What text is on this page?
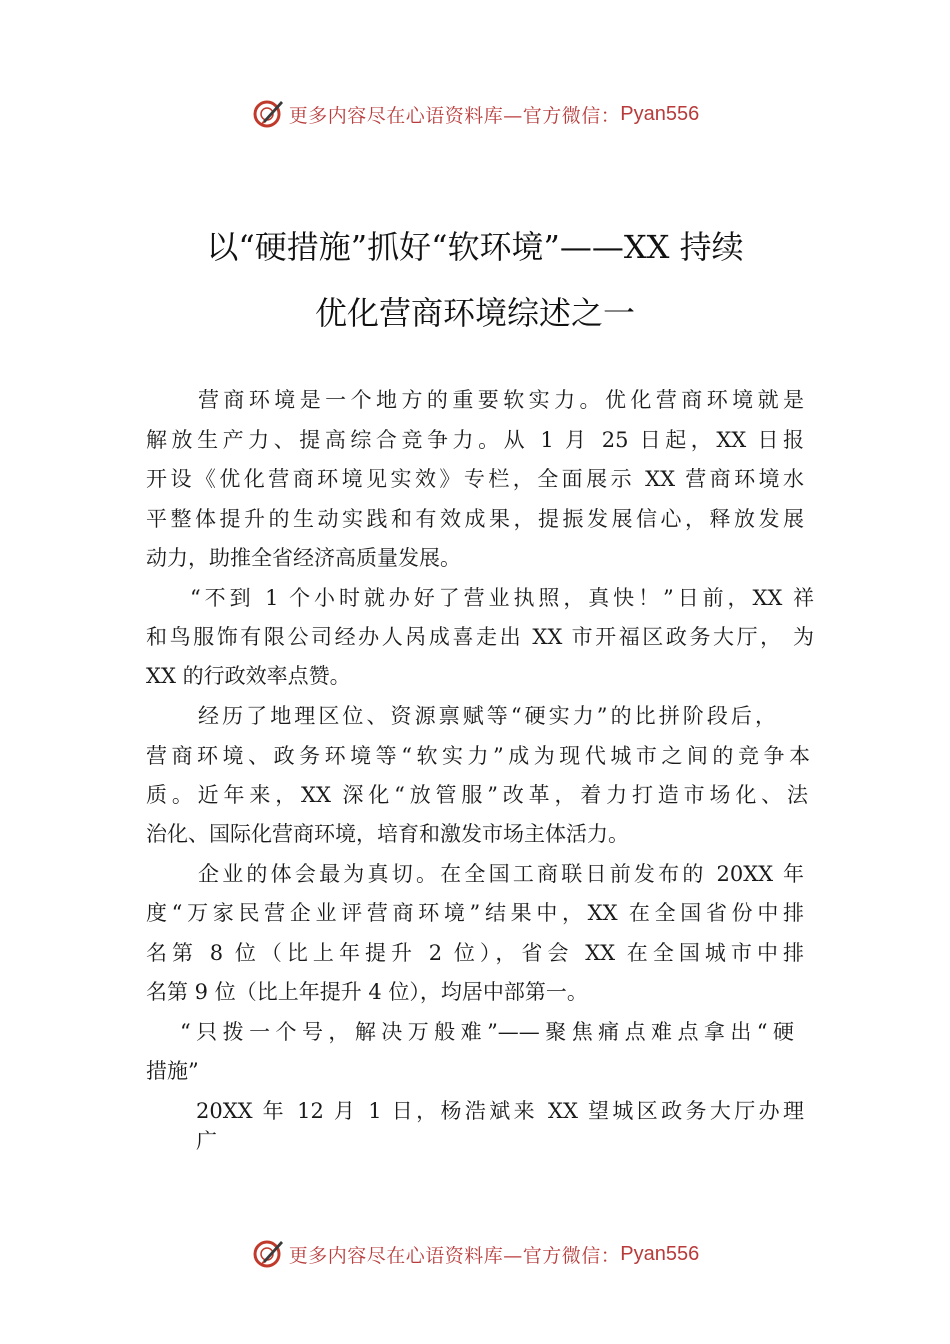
更多内容尽在心语资料库—官方微信： Pyan556
以“硬措施”抓好“软环境”——XX 持续
优化营商环境综述之一
营商环境是一个地方的重要软实力。优化营商环境就是
解放生产力、提高综合竞争力。从 1 月 25 日起，XX 日报
开设《优化营商环境见实效》专栏，全面展示 XX 营商环境水
平整体提升的生动实践和有效成果，提振发展信心，释放发展
动力，助推全省经济高质量发展。
“不到 1 个小时就办好了营业执照，真快！”日前，XX 祥
和鸟服饰有限公司经办人呙成喜走出 XX 市开福区政务大厅， 为
XX 的行政效率点赞。
经历了地理区位、资源禀赋等“硬实力”的比拼阶段后，
营商环境、政务环境等“软实力”成为现代城市之间的竞争本
质。近年来，XX 深化“放管服”改革，着力打造市场化、法
治化、国际化营商环境，培育和激发市场主体活力。
企业的体会最为真切。在全国工商联日前发布的 20XX 年
度“万家民营企业评营商环境”结果中，XX 在全国省份中排
名第 8 位（比上年提升 2 位），省会 XX 在全国城市中排
名第 9 位（比上年提升 4 位），均居中部第一。
“只拨一个号，解决万般难”——聚焦痛点难点拿出“硬
措施”
20XX 年 12 月 1 日，杨浩斌来 XX 望城区政务大厅办理
广
更多内容尽在心语资料库—官方微信： Pyan556
